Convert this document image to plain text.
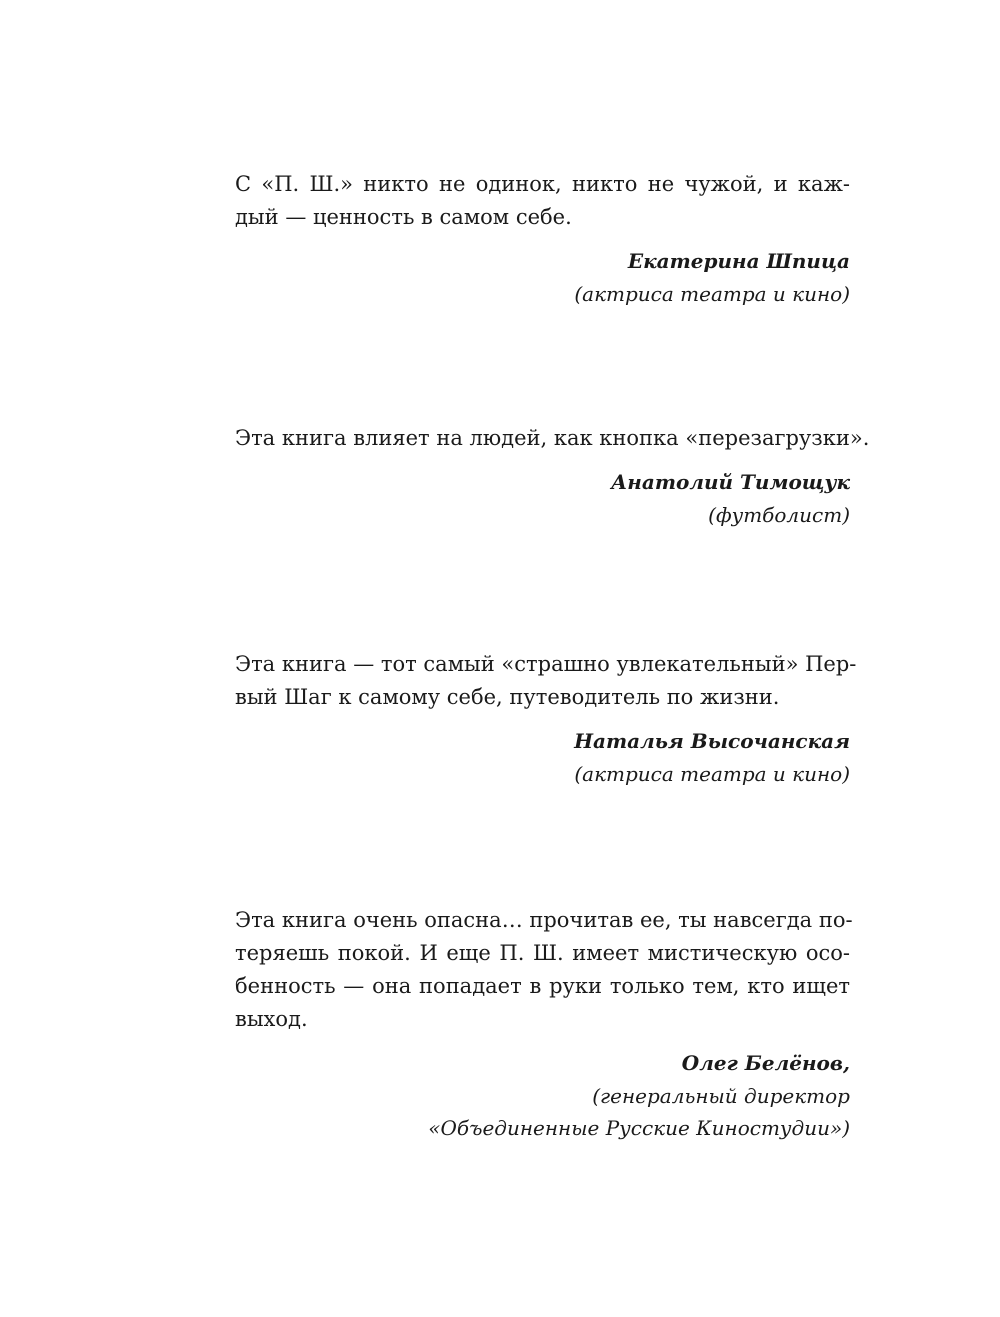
С «П. Ш.» никто не одинок, никто не чужой, и каж-
дый — ценность в самом себе.

Екатерина Шпица
(актриса театра и кино)

Эта книга влияет на людей, как кнопка «перезагрузки».

Анатолий Тимощук
(футболист)

Эта книга — тот самый «страшно увлекательный» Пер-
вый Шаг к самому себе, путеводитель по жизни.

Наталья Высочанская
(актриса театра и кино)

Эта книга очень опасна… прочитав ее, ты навсегда по-
теряешь покой. И еще П. Ш. имеет мистическую осо-
бенность — она попадает в руки только тем, кто ищет
выход.

Олег Белёнов,
(генеральный директор
«Объединенные Русские Киностудии»)
